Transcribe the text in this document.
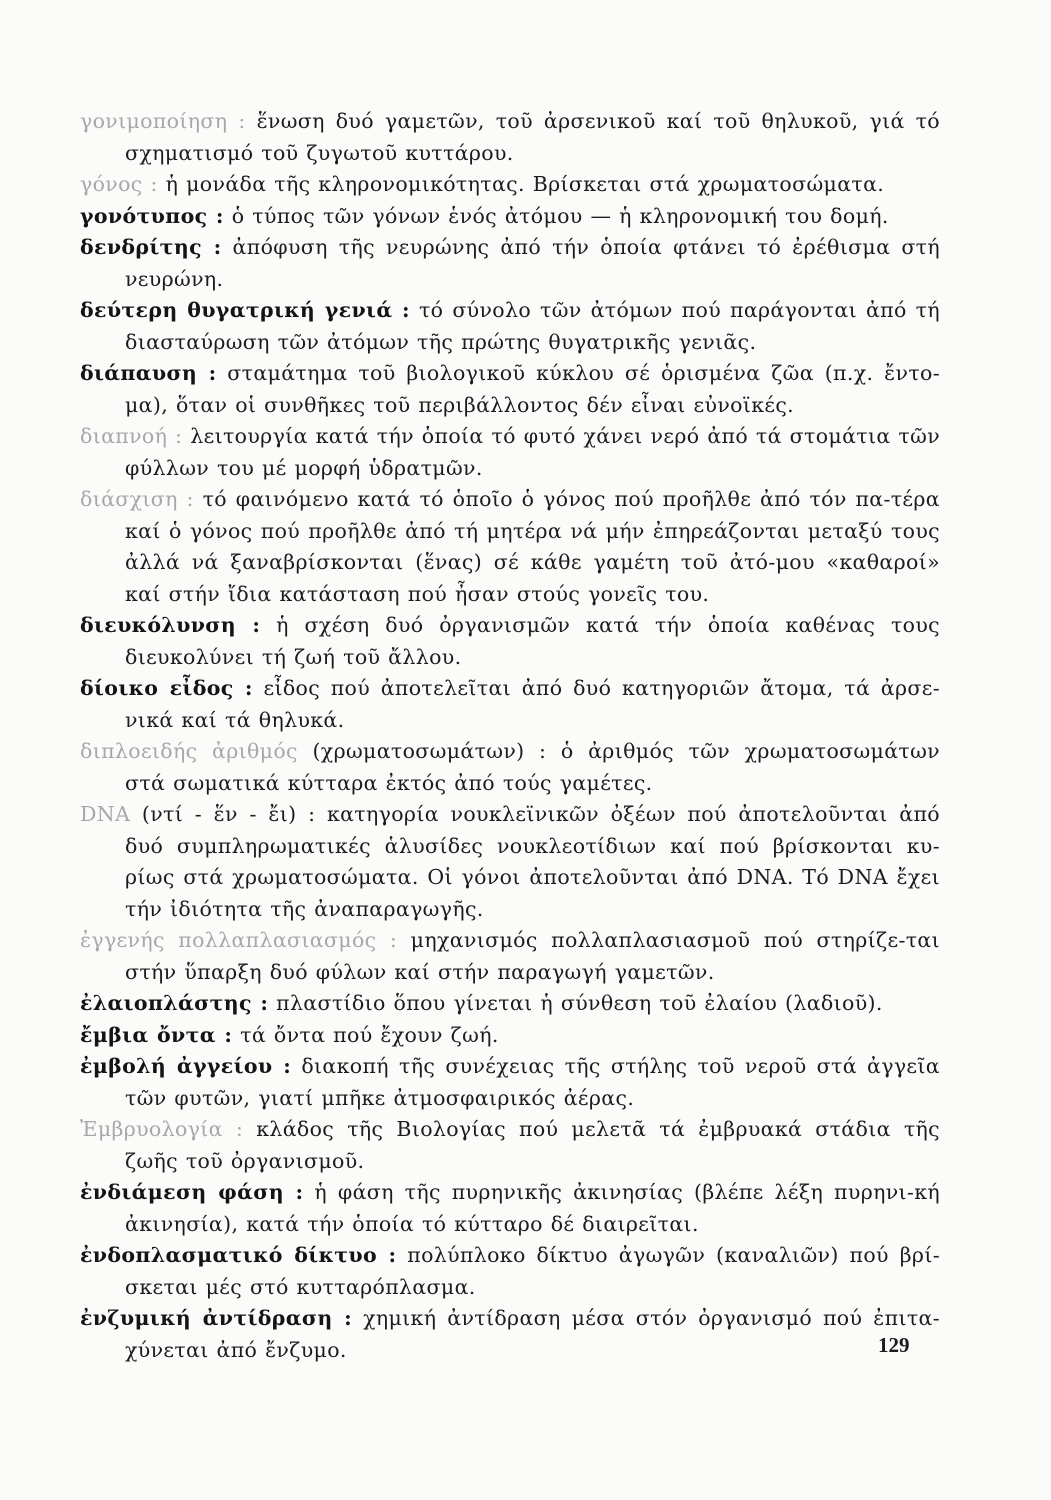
γονιμοποίηση : ἕνωση δυό γαμετῶν, τοῦ ἀρσενικοῦ καί τοῦ θηλυκοῦ, γιά τό σχηματισμό τοῦ ζυγωτοῦ κυττάρου.

γόνος : ἡ μονάδα τῆς κληρονομικότητας. Βρίσκεται στά χρωματοσώματα.

γονότυπος : ὁ τύπος τῶν γόνων ἑνός ἀτόμου — ἡ κληρονομική του δομή.

δενδρίτης : ἀπόφυση τῆς νευρώνης ἀπό τήν ὁποία φτάνει τό ἐρέθισμα στή νευρώνη.

δεύτερη θυγατρική γενιά : τό σύνολο τῶν ἀτόμων πού παράγονται ἀπό τή διασταύρωση τῶν ἀτόμων τῆς πρώτης θυγατρικῆς γενιᾶς.

διάπαυση : σταμάτημα τοῦ βιολογικοῦ κύκλου σέ ὁρισμένα ζῶα (π.χ. ἔντο-μα), ὅταν οἱ συνθῆκες τοῦ περιβάλλοντος δέν εἶναι εὐνοϊκές.

διαπνοή : λειτουργία κατά τήν ὁποία τό φυτό χάνει νερό ἀπό τά στομάτια τῶν φύλλων του μέ μορφή ὑδρατμῶν.

διάσχιση : τό φαινόμενο κατά τό ὁποῖο ὁ γόνος πού προῆλθε ἀπό τόν πα-τέρα καί ὁ γόνος πού προῆλθε ἀπό τή μητέρα νά μήν ἐπηρεάζονται μεταξύ τους ἀλλά νά ξαναβρίσκονται (ἕνας) σέ κάθε γαμέτη τοῦ ἀτό-μου «καθαροί» καί στήν ἴδια κατάσταση πού ἦσαν στούς γονεῖς του.

διευκόλυνση : ἡ σχέση δυό ὀργανισμῶν κατά τήν ὁποία καθένας τους διευκολύνει τή ζωή τοῦ ἄλλου.

δίοικο εἶδος : εἶδος πού ἀποτελεῖται ἀπό δυό κατηγοριῶν ἄτομα, τά ἀρσε-νικά καί τά θηλυκά.

διπλοειδής ἀριθμός (χρωματοσωμάτων) : ὁ ἀριθμός τῶν χρωματοσωμάτων στά σωματικά κύτταρα ἐκτός ἀπό τούς γαμέτες.

DNA (ντί - ἕν - ἔι) : κατηγορία νουκλεϊνικῶν ὀξέων πού ἀποτελοῦνται ἀπό δυό συμπληρωματικές ἁλυσίδες νουκλεοτίδιων καί πού βρίσκονται κυ-ρίως στά χρωματοσώματα. Οἱ γόνοι ἀποτελοῦνται ἀπό DNA. Τό DNA ἔχει τήν ἰδιότητα τῆς ἀναπαραγωγῆς.

ἐγγενής πολλαπλασιασμός : μηχανισμός πολλαπλασιασμοῦ πού στηρίζε-ται στήν ὕπαρξη δυό φύλων καί στήν παραγωγή γαμετῶν.

ἐλαιοπλάστης : πλαστίδιο ὅπου γίνεται ἡ σύνθεση τοῦ ἐλαίου (λαδιοῦ).

ἔμβια ὄντα : τά ὄντα πού ἔχουν ζωή.

ἐμβολή ἀγγείου : διακοπή τῆς συνέχειας τῆς στήλης τοῦ νεροῦ στά ἀγγεῖα τῶν φυτῶν, γιατί μπῆκε ἀτμοσφαιρικός ἀέρας.

Ἐμβρυολογία : κλάδος τῆς Βιολογίας πού μελετᾶ τά ἐμβρυακά στάδια τῆς ζωῆς τοῦ ὀργανισμοῦ.

ἐνδιάμεση φάση : ἡ φάση τῆς πυρηνικῆς ἀκινησίας (βλέπε λέξη πυρηνι-κή ἀκινησία), κατά τήν ὁποία τό κύτταρο δέ διαιρεῖται.

ἐνδοπλασματικό δίκτυο : πολύπλοκο δίκτυο ἀγωγῶν (καναλιῶν) πού βρί-σκεται μές στό κυτταρόπλασμα.

ἐνζυμική ἀντίδραση : χημική ἀντίδραση μέσα στόν ὀργανισμό πού ἐπιτα-χύνεται ἀπό ἔνζυμο.	129
